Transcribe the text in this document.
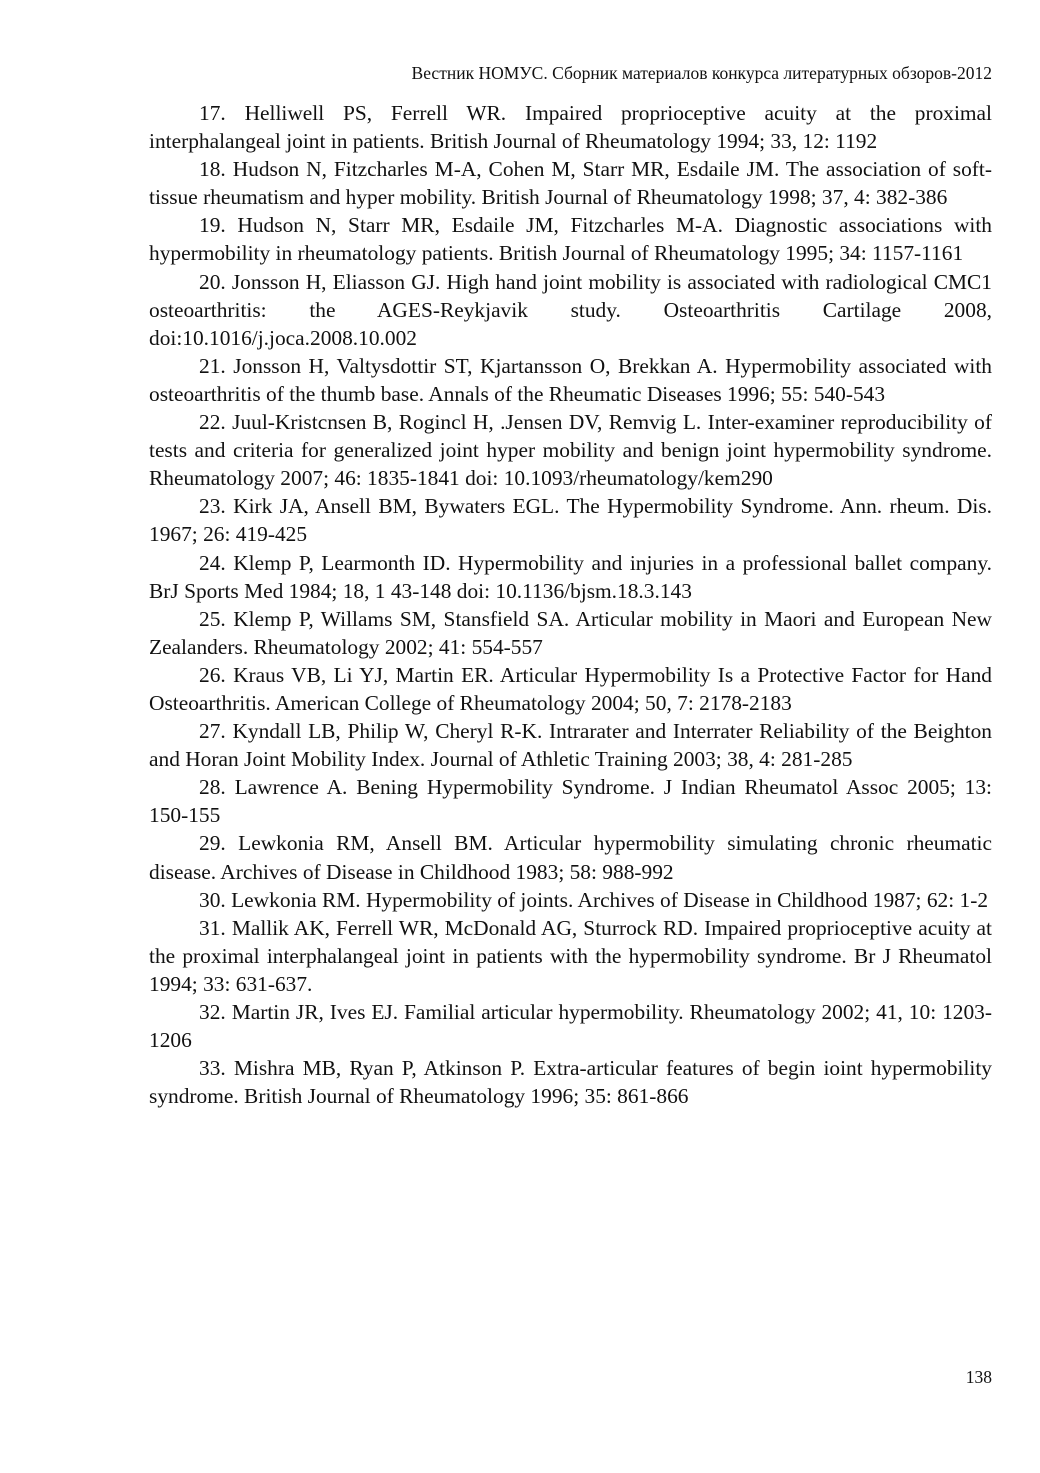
Вестник НОМУС. Сборник материалов конкурса литературных обзоров-2012
17. Helliwell PS, Ferrell WR. Impaired proprioceptive acuity at the proximal interphalangeal joint in patients. British Journal of Rheumatology 1994; 33, 12: 1192
18. Hudson N, Fitzcharles M-A, Cohen M, Starr MR, Esdaile JM. The association of soft-tissue rheumatism and hyper mobility. British Journal of Rheumatology 1998; 37, 4: 382-386
19. Hudson N, Starr MR, Esdaile JM, Fitzcharles M-A. Diagnostic associations with hypermobility in rheumatology patients. British Journal of Rheumatology 1995; 34: 1157-1161
20. Jonsson H, Eliasson GJ. High hand joint mobility is associated with radiological CMC1 osteoarthritis: the AGES-Reykjavik study. Osteoarthritis Cartilage 2008, doi:10.1016/j.joca.2008.10.002
21. Jonsson H, Valtysdottir ST, Kjartansson O, Brekkan A. Hypermobility associated with osteoarthritis of the thumb base. Annals of the Rheumatic Diseases 1996; 55: 540-543
22. Juul-Kristcnsen B, Rogincl H, .Jensen DV, Remvig L. Inter-examiner reproducibility of tests and criteria for generalized joint hyper mobility and benign joint hypermobility syndrome. Rheumatology 2007; 46: 1835-1841 doi: 10.1093/rheumatology/kem290
23. Kirk JA, Ansell BM, Bywaters EGL. The Hypermobility Syndrome. Ann. rheum. Dis. 1967; 26: 419-425
24. Klemp P, Learmonth ID. Hypermobility and injuries in a professional ballet company. BrJ Sports Med 1984; 18, 1 43-148 doi: 10.1136/bjsm.18.3.143
25. Klemp P, Willams SM, Stansfield SA. Articular mobility in Maori and European New Zealanders. Rheumatology 2002; 41: 554-557
26. Kraus VB, Li YJ, Martin ER. Articular Hypermobility Is a Protective Factor for Hand Osteoarthritis. American College of Rheumatology 2004; 50, 7: 2178-2183
27. Kyndall LB, Philip W, Cheryl R-K. Intrarater and Interrater Reliability of the Beighton and Horan Joint Mobility Index. Journal of Athletic Training 2003; 38, 4: 281-285
28. Lawrence A. Bening Hypermobility Syndrome. J Indian Rheumatol Assoc 2005; 13: 150-155
29. Lewkonia RM, Ansell BM. Articular hypermobility simulating chronic rheumatic disease. Archives of Disease in Childhood 1983; 58: 988-992
30. Lewkonia RM. Hypermobility of joints. Archives of Disease in Childhood 1987; 62: 1-2
31. Mallik AK, Ferrell WR, McDonald AG, Sturrock RD. Impaired proprioceptive acuity at the proximal interphalangeal joint in patients with the hypermobility syndrome. Br J Rheumatol 1994; 33: 631-637.
32. Martin JR, Ives EJ. Familial articular hypermobility. Rheumatology 2002; 41, 10: 1203-1206
33. Mishra MB, Ryan P, Atkinson P. Extra-articular features of begin ioint hypermobility syndrome. British Journal of Rheumatology 1996; 35: 861-866
138
